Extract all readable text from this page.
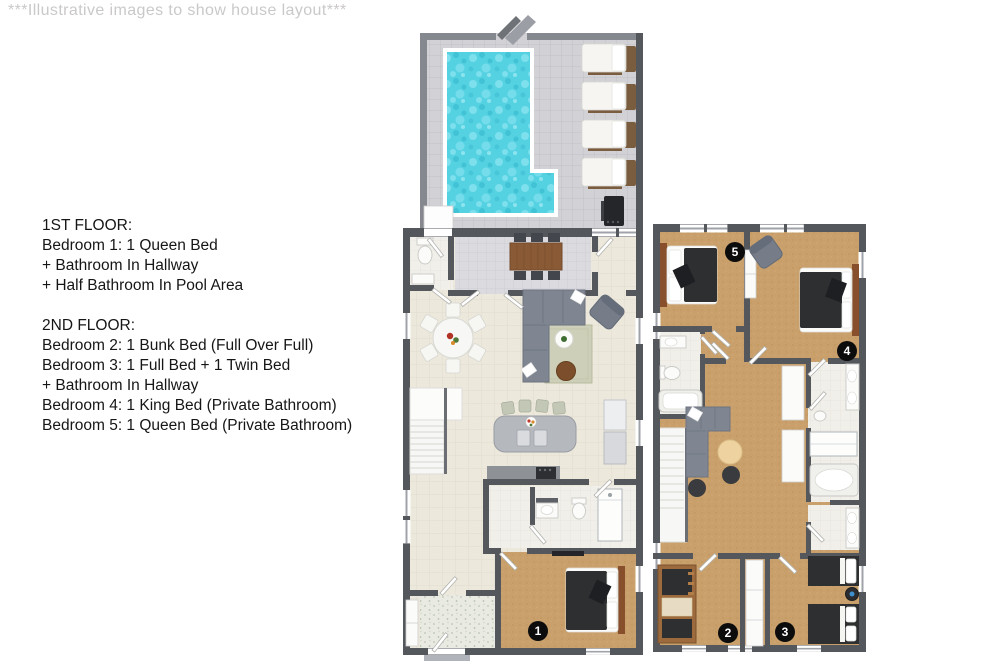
***Illustrative images to show house layout***

1ST FLOOR:

Bedroom 1: 1 Queen Bed

+ Bathroom In Hallway

+ Half Bathroom In Pool Area

2ND FLOOR:

Bedroom 2: 1 Bunk Bed (Full Over Full)

Bedroom 3: 1 Full Bed + 1 Twin Bed

+ Bathroom In Hallway

Bedroom 4: 1 King Bed (Private Bathroom)

Bedroom 5: 1 Queen Bed (Private Bathroom)

1
5
4
2	3
